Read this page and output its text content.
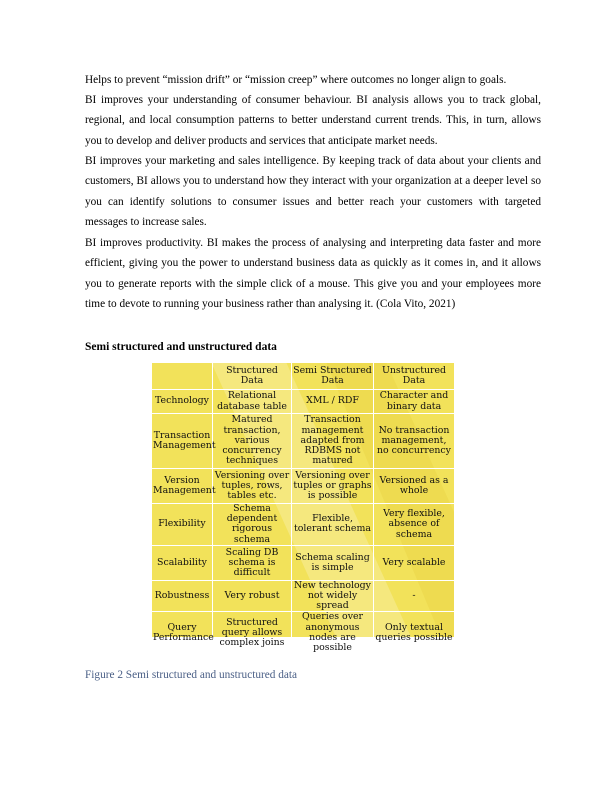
Helps to prevent “mission drift” or “mission creep” where outcomes no longer align to goals.

BI improves your understanding of consumer behaviour. BI analysis allows you to track global, regional, and local consumption patterns to better understand current trends. This, in turn, allows you to develop and deliver products and services that anticipate market needs.

BI improves your marketing and sales intelligence. By keeping track of data about your clients and customers, BI allows you to understand how they interact with your organization at a deeper level so you can identify solutions to consumer issues and better reach your customers with targeted messages to increase sales.

BI improves productivity. BI makes the process of analysing and interpreting data faster and more efficient, giving you the power to understand business data as quickly as it comes in, and it allows you to generate reports with the simple click of a mouse. This give you and your employees more time to devote to running your business rather than analysing it. (Cola Vito, 2021)

Semi structured and unstructured data
	Structured Data	Semi Structured Data	Unstructured Data
Technology	Relational database table	XML / RDF	Character and binary data
Transaction Management	Matured transaction, various concurrency techniques	Transaction management adapted from RDBMS not matured	No transaction management, no concurrency
Version Management	Versioning over tuples, rows, tables etc.	Versioning over tuples or graphs is possible	Versioned as a whole
Flexibility	Schema dependent rigorous schema	Flexible, tolerant schema	Very flexible, absence of schema
Scalability	Scaling DB schema is difficult	Schema scaling is simple	Very scalable
Robustness	Very robust	New technology not widely spread	-
Query Performance	Structured query allows complex joins	Queries over anonymous nodes are possible	Only textual queries possible

Figure 2 Semi structured and unstructured data
